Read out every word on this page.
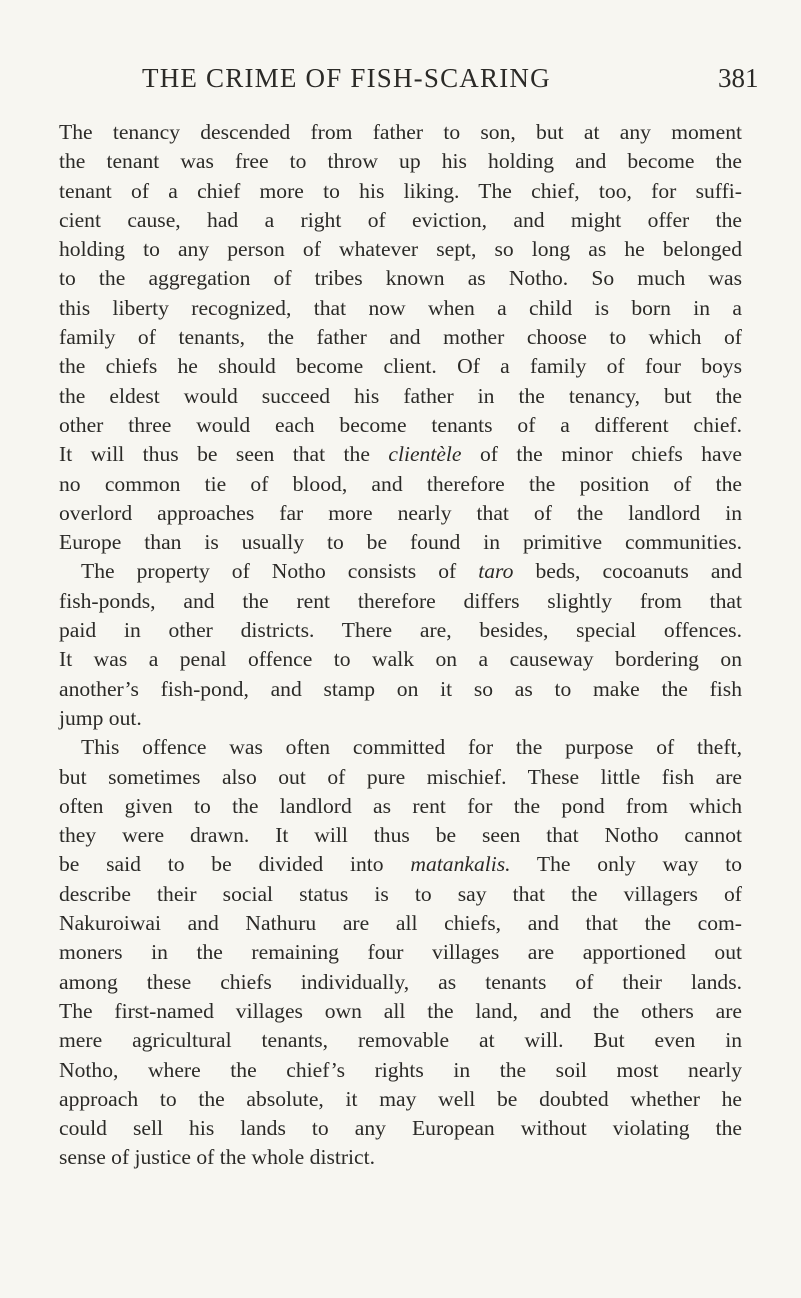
THE CRIME OF FISH-SCARING	381
The tenancy descended from father to son, but at any moment
the tenant was free to throw up his holding and become the
tenant of a chief more to his liking. The chief, too, for suffi-
cient cause, had a right of eviction, and might offer the
holding to any person of whatever sept, so long as he belonged
to the aggregation of tribes known as Notho. So much was
this liberty recognized, that now when a child is born in a
family of tenants, the father and mother choose to which of
the chiefs he should become client. Of a family of four boys
the eldest would succeed his father in the tenancy, but the
other three would each become tenants of a different chief.
It will thus be seen that the clientèle of the minor chiefs have
no common tie of blood, and therefore the position of the
overlord approaches far more nearly that of the landlord in
Europe than is usually to be found in primitive communities.
The property of Notho consists of taro beds, cocoanuts and
fish-ponds, and the rent therefore differs slightly from that
paid in other districts. There are, besides, special offences.
It was a penal offence to walk on a causeway bordering on
another’s fish-pond, and stamp on it so as to make the fish
jump out.
This offence was often committed for the purpose of theft,
but sometimes also out of pure mischief. These little fish are
often given to the landlord as rent for the pond from which
they were drawn. It will thus be seen that Notho cannot
be said to be divided into matankalis. The only way to
describe their social status is to say that the villagers of
Nakuroiwai and Nathuru are all chiefs, and that the com-
moners in the remaining four villages are apportioned out
among these chiefs individually, as tenants of their lands.
The first-named villages own all the land, and the others are
mere agricultural tenants, removable at will. But even in
Notho, where the chief’s rights in the soil most nearly
approach to the absolute, it may well be doubted whether he
could sell his lands to any European without violating the
sense of justice of the whole district.
